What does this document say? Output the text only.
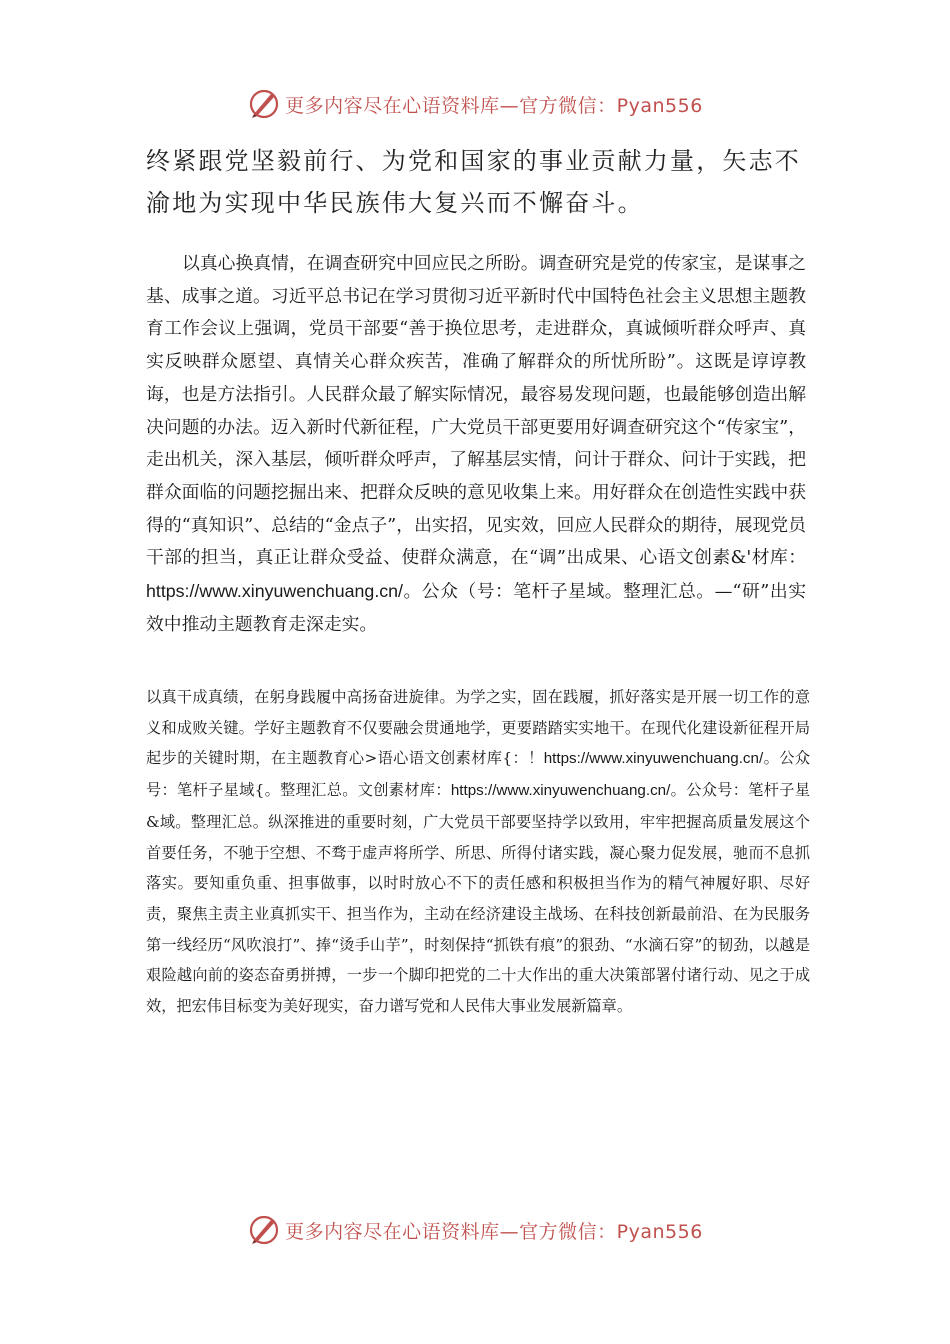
更多内容尽在心语资料库—官方微信：Pyan556

终紧跟党坚毅前行、为党和国家的事业贡献力量，矢志不渝地为实现中华民族伟大复兴而不懈奋斗。

以真心换真情，在调查研究中回应民之所盼。调查研究是党的传家宝，是谋事之基、成事之道。习近平总书记在学习贯彻习近平新时代中国特色社会主义思想主题教育工作会议上强调，党员干部要“善于换位思考，走进群众，真诚倾听群众呼声、真实反映群众愿望、真情关心群众疾苦，准确了解群众的所忧所盼”。这既是谆谆教诲，也是方法指引。人民群众最了解实际情况，最容易发现问题，也最能够创造出解决问题的办法。迈入新时代新征程，广大党员干部更要用好调查研究这个“传家宝”，走出机关，深入基层，倾听群众呼声，了解基层实情，问计于群众、问计于实践，把群众面临的问题挖掘出来、把群众反映的意见收集上来。用好群众在创造性实践中获得的“真知识”、总结的“金点子”，出实招，见实效，回应人民群众的期待，展现党员干部的担当，真正让群众受益、使群众满意，在“调”出成果、心语文创素&'材库：https://www.xinyuwenchuang.cn/。公众（号：笔杆子星域。整理汇总。—“研”出实效中推动主题教育走深走实。

以真干成真绩，在躬身践履中高扬奋进旋律。为学之实，固在践履，抓好落实是开展一切工作的意义和成败关键。学好主题教育不仅要融会贯通地学，更要踏踏实实地干。在现代化建设新征程开局起步的关键时期，在主题教育心>语心语文创素材库{：！https://www.xinyuwenchuang.cn/。公众号：笔杆子星域{。整理汇总。文创素材库：https://www.xinyuwenchuang.cn/。公众号：笔杆子星&域。整理汇总。纵深推进的重要时刻，广大党员干部要坚持学以致用，牢牢把握高质量发展这个首要任务，不驰于空想、不骛于虚声将所学、所思、所得付诸实践，凝心聚力促发展，驰而不息抓落实。要知重负重、担事做事，以时时放心不下的责任感和积极担当作为的精气神履好职、尽好责，聚焦主责主业真抓实干、担当作为，主动在经济建设主战场、在科技创新最前沿、在为民服务第一线经历“风吹浪打”、捧“烫手山芋”，时刻保持“抓铁有痕”的狠劲、“水滴石穿”的韧劲，以越是艰险越向前的姿态奋勇拼搏，一步一个脚印把党的二十大作出的重大决策部署付诸行动、见之于成效，把宏伟目标变为美好现实，奋力谱写党和人民伟大事业发展新篇章。

更多内容尽在心语资料库—官方微信：Pyan556
